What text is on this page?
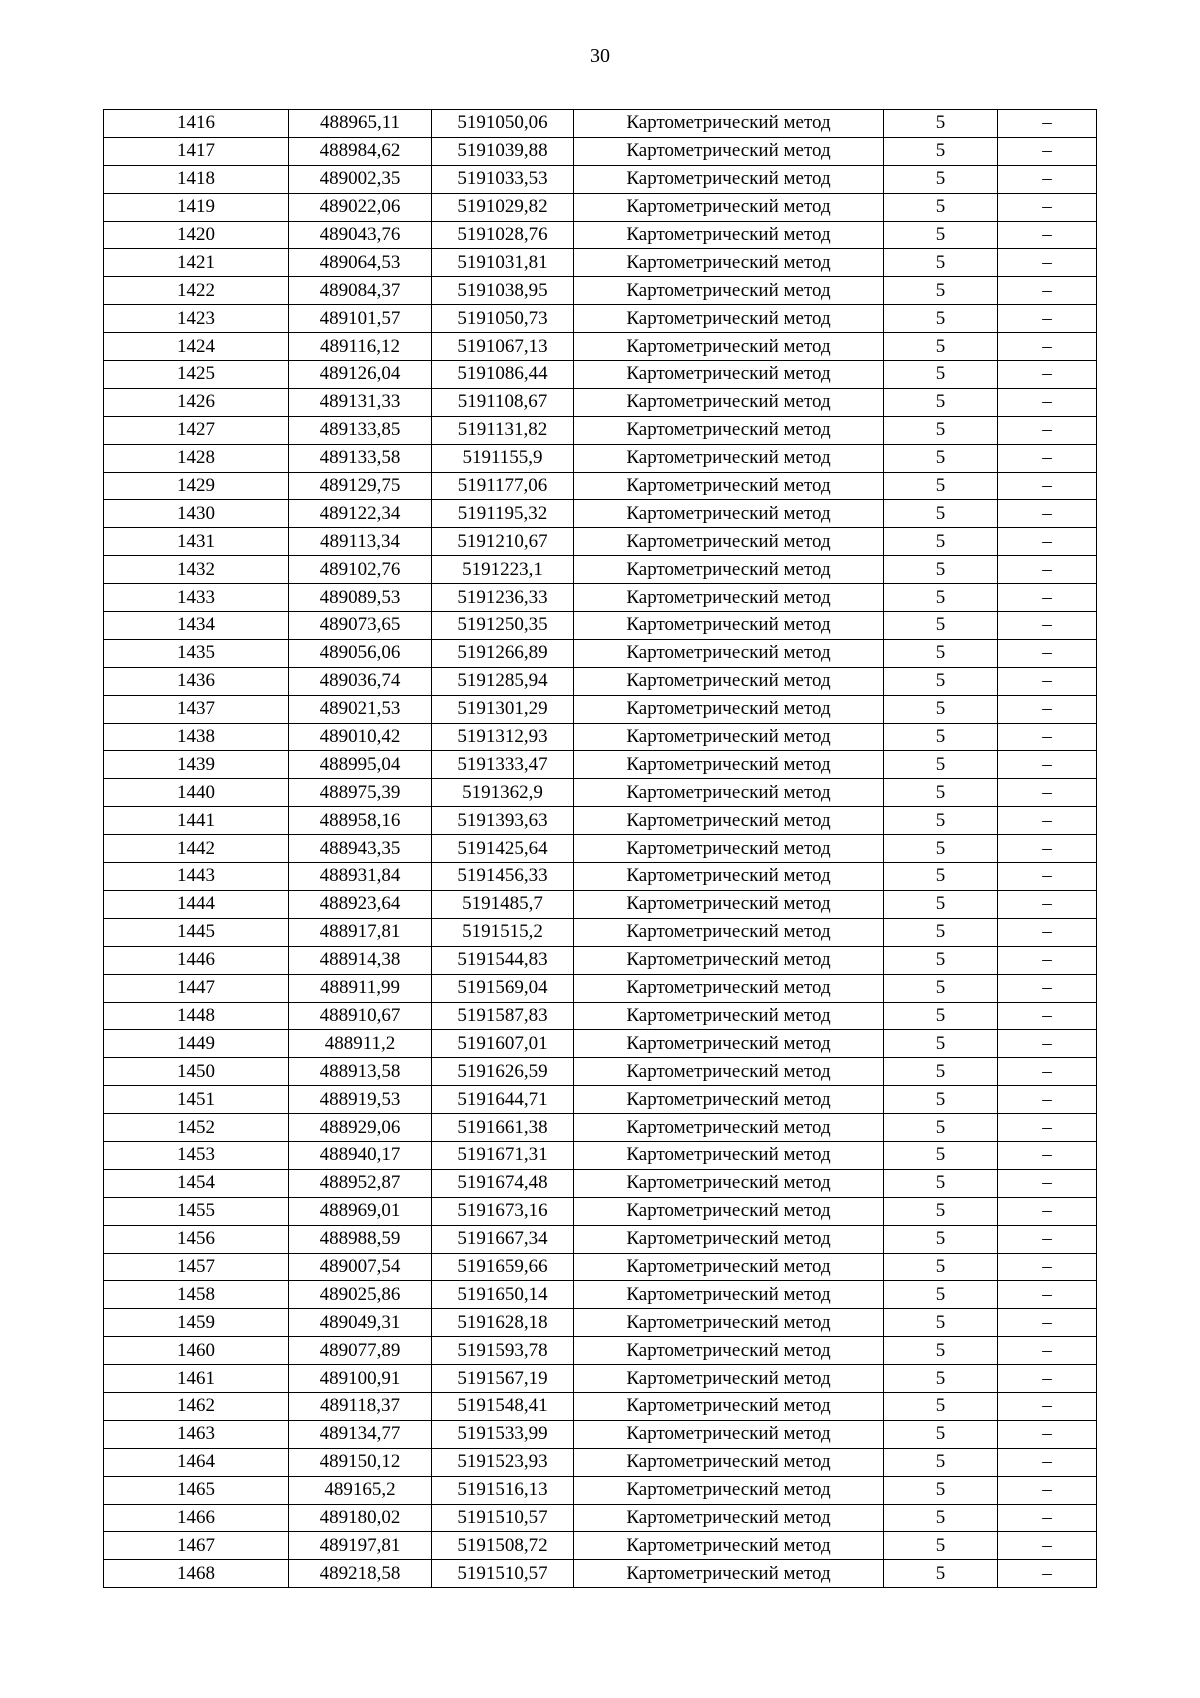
30
1416	488965,11	5191050,06	Картометрический метод	5	–
1417	488984,62	5191039,88	Картометрический метод	5	–
1418	489002,35	5191033,53	Картометрический метод	5	–
1419	489022,06	5191029,82	Картометрический метод	5	–
1420	489043,76	5191028,76	Картометрический метод	5	–
1421	489064,53	5191031,81	Картометрический метод	5	–
1422	489084,37	5191038,95	Картометрический метод	5	–
1423	489101,57	5191050,73	Картометрический метод	5	–
1424	489116,12	5191067,13	Картометрический метод	5	–
1425	489126,04	5191086,44	Картометрический метод	5	–
1426	489131,33	5191108,67	Картометрический метод	5	–
1427	489133,85	5191131,82	Картометрический метод	5	–
1428	489133,58	5191155,9	Картометрический метод	5	–
1429	489129,75	5191177,06	Картометрический метод	5	–
1430	489122,34	5191195,32	Картометрический метод	5	–
1431	489113,34	5191210,67	Картометрический метод	5	–
1432	489102,76	5191223,1	Картометрический метод	5	–
1433	489089,53	5191236,33	Картометрический метод	5	–
1434	489073,65	5191250,35	Картометрический метод	5	–
1435	489056,06	5191266,89	Картометрический метод	5	–
1436	489036,74	5191285,94	Картометрический метод	5	–
1437	489021,53	5191301,29	Картометрический метод	5	–
1438	489010,42	5191312,93	Картометрический метод	5	–
1439	488995,04	5191333,47	Картометрический метод	5	–
1440	488975,39	5191362,9	Картометрический метод	5	–
1441	488958,16	5191393,63	Картометрический метод	5	–
1442	488943,35	5191425,64	Картометрический метод	5	–
1443	488931,84	5191456,33	Картометрический метод	5	–
1444	488923,64	5191485,7	Картометрический метод	5	–
1445	488917,81	5191515,2	Картометрический метод	5	–
1446	488914,38	5191544,83	Картометрический метод	5	–
1447	488911,99	5191569,04	Картометрический метод	5	–
1448	488910,67	5191587,83	Картометрический метод	5	–
1449	488911,2	5191607,01	Картометрический метод	5	–
1450	488913,58	5191626,59	Картометрический метод	5	–
1451	488919,53	5191644,71	Картометрический метод	5	–
1452	488929,06	5191661,38	Картометрический метод	5	–
1453	488940,17	5191671,31	Картометрический метод	5	–
1454	488952,87	5191674,48	Картометрический метод	5	–
1455	488969,01	5191673,16	Картометрический метод	5	–
1456	488988,59	5191667,34	Картометрический метод	5	–
1457	489007,54	5191659,66	Картометрический метод	5	–
1458	489025,86	5191650,14	Картометрический метод	5	–
1459	489049,31	5191628,18	Картометрический метод	5	–
1460	489077,89	5191593,78	Картометрический метод	5	–
1461	489100,91	5191567,19	Картометрический метод	5	–
1462	489118,37	5191548,41	Картометрический метод	5	–
1463	489134,77	5191533,99	Картометрический метод	5	–
1464	489150,12	5191523,93	Картометрический метод	5	–
1465	489165,2	5191516,13	Картометрический метод	5	–
1466	489180,02	5191510,57	Картометрический метод	5	–
1467	489197,81	5191508,72	Картометрический метод	5	–
1468	489218,58	5191510,57	Картометрический метод	5	–
